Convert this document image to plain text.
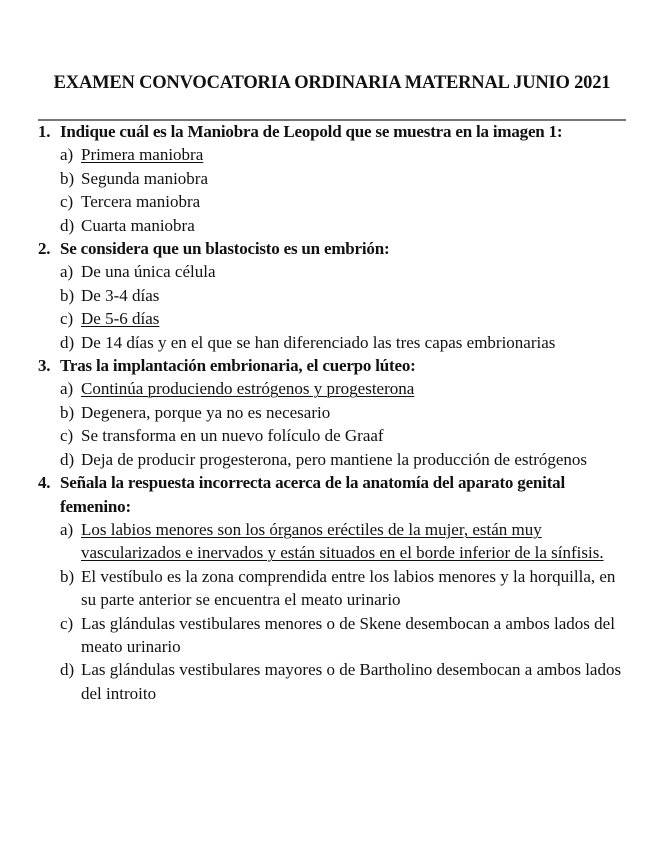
EXAMEN CONVOCATORIA ORDINARIA MATERNAL JUNIO 2021
1. Indique cuál es la Maniobra de Leopold que se muestra en la imagen 1:
a) Primera maniobra
b) Segunda maniobra
c) Tercera maniobra
d) Cuarta maniobra
2. Se considera que un blastocisto es un embrión:
a) De una única célula
b) De 3-4 días
c) De 5-6 días
d) De 14 días y en el que se han diferenciado las tres capas embrionarias
3. Tras la implantación embrionaria, el cuerpo lúteo:
a) Continúa produciendo estrógenos y progesterona
b) Degenera, porque ya no es necesario
c) Se transforma en un nuevo folículo de Graaf
d) Deja de producir progesterona, pero mantiene la producción de estrógenos
4. Señala la respuesta incorrecta acerca de la anatomía del aparato genital femenino:
a) Los labios menores son los órganos eréctiles de la mujer, están muy vascularizados e inervados y están situados en el borde inferior de la sínfisis.
b) El vestíbulo es la zona comprendida entre los labios menores y la horquilla, en su parte anterior se encuentra el meato urinario
c) Las glándulas vestibulares menores o de Skene desembocan a ambos lados del meato urinario
d) Las glándulas vestibulares mayores o de Bartholino desembocan a ambos lados del introito
